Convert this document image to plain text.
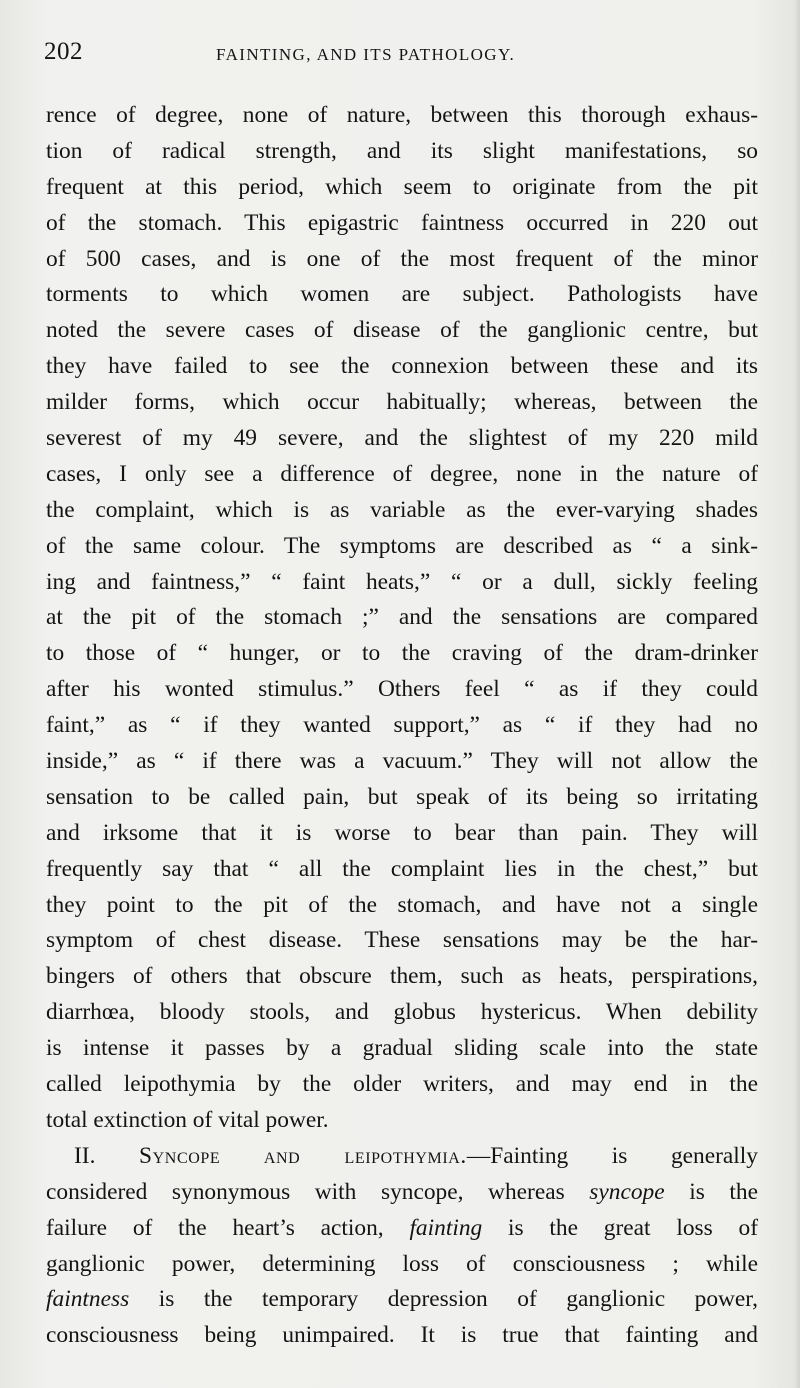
202	FAINTING, AND ITS PATHOLOGY.
rence of degree, none of nature, between this thorough exhaus-
tion of radical strength, and its slight manifestations, so
frequent at this period, which seem to originate from the pit
of the stomach. This epigastric faintness occurred in 220 out
of 500 cases, and is one of the most frequent of the minor
torments to which women are subject. Pathologists have
noted the severe cases of disease of the ganglionic centre, but
they have failed to see the connexion between these and its
milder forms, which occur habitually; whereas, between the
severest of my 49 severe, and the slightest of my 220 mild
cases, I only see a difference of degree, none in the nature of
the complaint, which is as variable as the ever-varying shades
of the same colour. The symptoms are described as “ a sink-
ing and faintness,” “ faint heats,” “ or a dull, sickly feeling
at the pit of the stomach ;” and the sensations are compared
to those of “ hunger, or to the craving of the dram-drinker
after his wonted stimulus.” Others feel “ as if they could
faint,” as “ if they wanted support,” as “ if they had no
inside,” as “ if there was a vacuum.” They will not allow the
sensation to be called pain, but speak of its being so irritating
and irksome that it is worse to bear than pain. They will
frequently say that “ all the complaint lies in the chest,” but
they point to the pit of the stomach, and have not a single
symptom of chest disease. These sensations may be the har-
bingers of others that obscure them, such as heats, perspirations,
diarrhœa, bloody stools, and globus hystericus. When debility
is intense it passes by a gradual sliding scale into the state
called leipothymia by the older writers, and may end in the
total extinction of vital power.
II. Syncope and leipothymia.—Fainting is generally
considered synonymous with syncope, whereas syncope is the
failure of the heart’s action, fainting is the great loss of
ganglionic power, determining loss of consciousness ; while
faintness is the temporary depression of ganglionic power,
consciousness being unimpaired. It is true that fainting and
